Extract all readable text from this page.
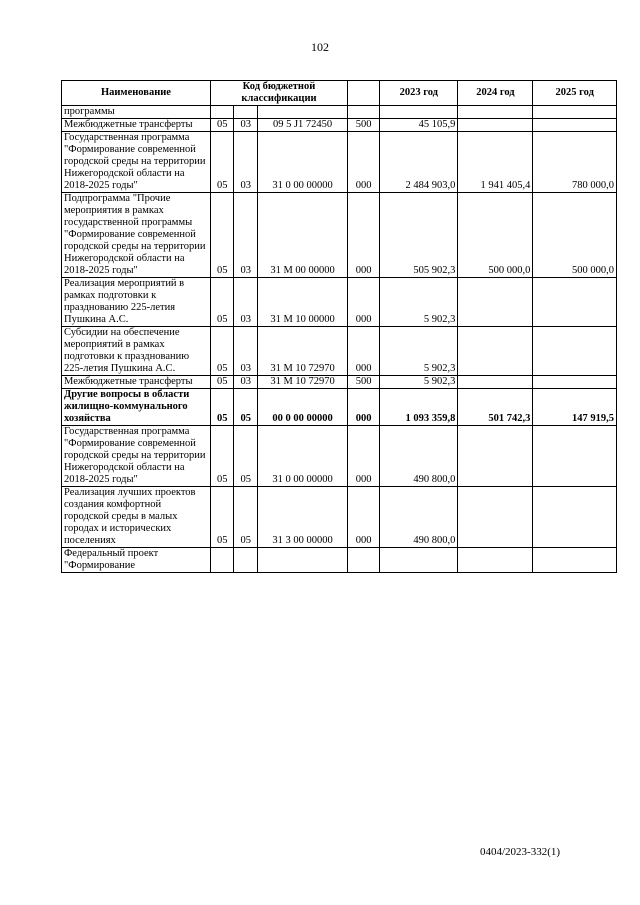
102
Наименование	Код бюджетной классификации				2023 год	2024 год	2025 год
программы							
Межбюджетные трансферты	05	03	09 5 J1 72450	500	45 105,9		
Государственная программа "Формирование современной городской среды на территории Нижегородской области на 2018-2025 годы"	05	03	31 0 00 00000	000	2 484 903,0	1 941 405,4	780 000,0
Подпрограмма "Прочие мероприятия в рамках государственной программы "Формирование современной городской среды на территории Нижегородской области на 2018-2025 годы"	05	03	31 М 00 00000	000	505 902,3	500 000,0	500 000,0
Реализация мероприятий в рамках подготовки к празднованию 225-летия Пушкина А.С.	05	03	31 М 10 00000	000	5 902,3		
Субсидии на обеспечение мероприятий в рамках подготовки к празднованию 225-летия Пушкина А.С.	05	03	31 М 10 72970	000	5 902,3		
Межбюджетные трансферты	05	03	31 М 10 72970	500	5 902,3		
Другие вопросы в области жилищно-коммунального хозяйства	05	05	00 0 00 00000	000	1 093 359,8	501 742,3	147 919,5
Государственная программа "Формирование современной городской среды на территории Нижегородской области на 2018-2025 годы"	05	05	31 0 00 00000	000	490 800,0		
Реализация лучших проектов создания комфортной городской среды в малых городах и исторических поселениях	05	05	31 3 00 00000	000	490 800,0		
Федеральный проект "Формирование							
0404/2023-332(1)
